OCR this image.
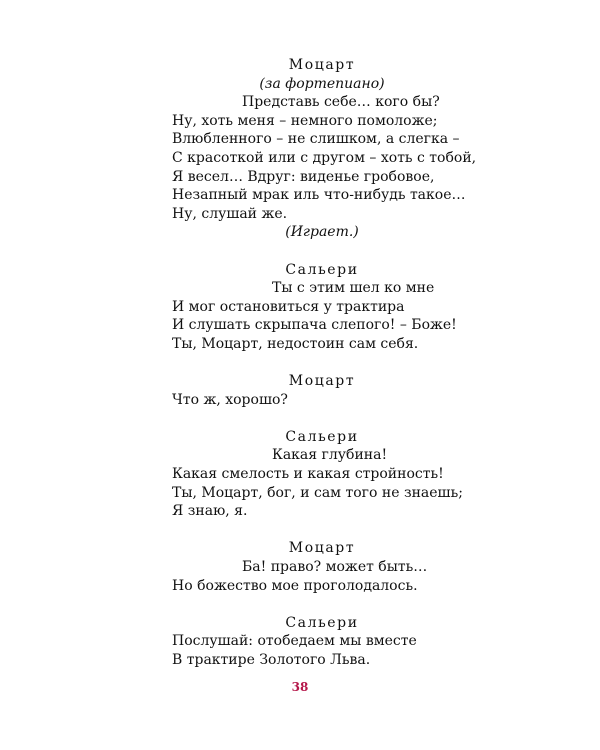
Моцарт
(за фортепиано)
Представь себе… кого бы?
Ну, хоть меня – немного помоложе;
Влюбленного – не слишком, а слегка –
С красоткой или с другом – хоть с тобой,
Я весел… Вдруг: виденье гробовое,
Незапный мрак иль что-нибудь такое…
Ну, слушай же.
(Играет.)
Сальери
Ты с этим шел ко мне
И мог остановиться у трактира
И слушать скрыпача слепого! – Боже!
Ты, Моцарт, недостоин сам себя.
Моцарт
Что ж, хорошо?
Сальери
Какая глубина!
Какая смелость и какая стройность!
Ты, Моцарт, бог, и сам того не знаешь;
Я знаю, я.
Моцарт
Ба! право? может быть…
Но божество мое проголодалось.
Сальери
Послушай: отобедаем мы вместе
В трактире Золотого Льва.
38
